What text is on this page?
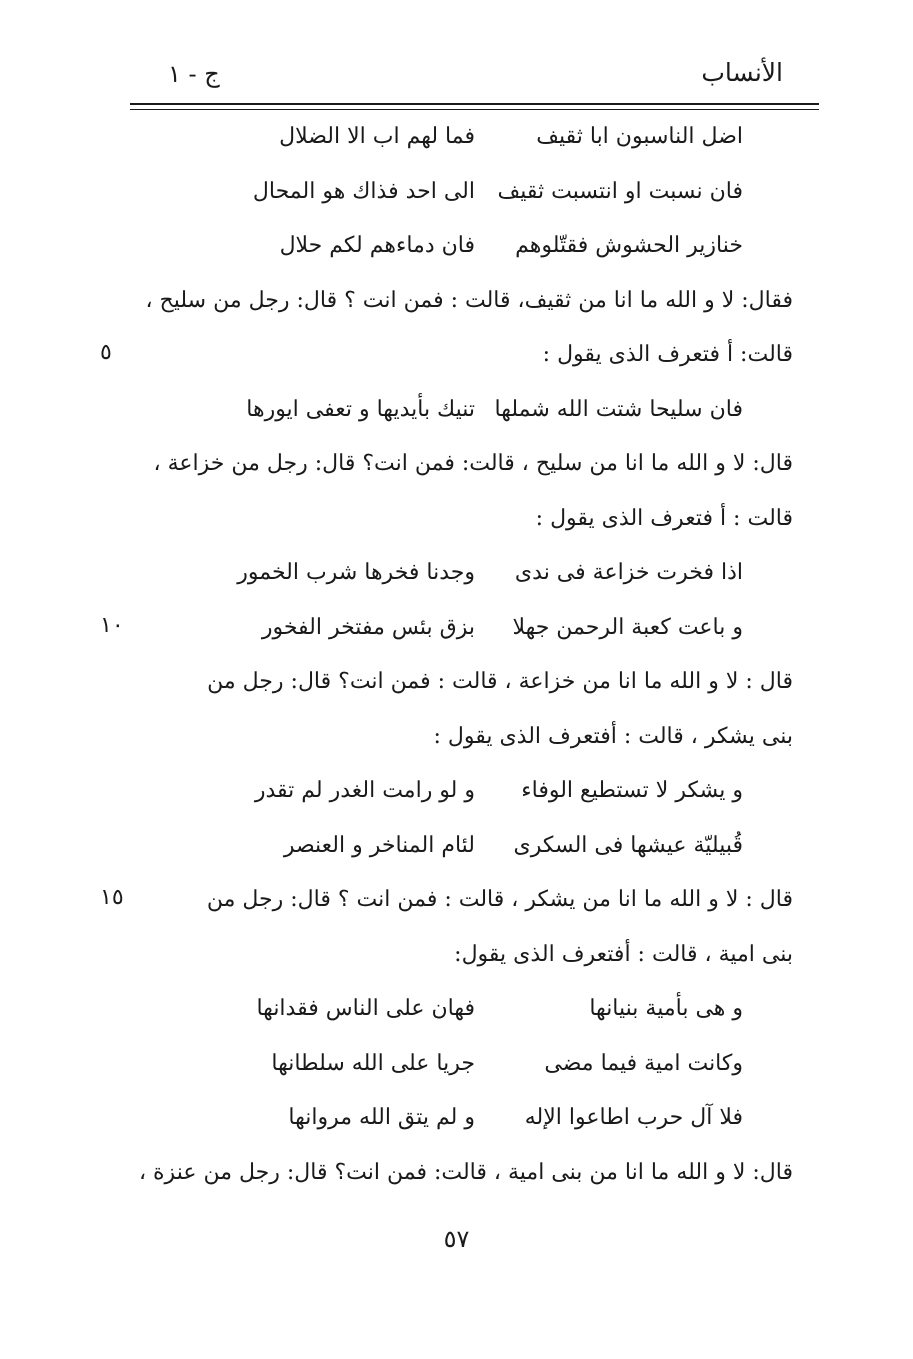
الأنساب
ج - ١
اضل الناسبون ابا ثقيف
فما لهم اب الا الضلال
فان نسبت او انتسبت ثقيف
الى احد فذاك هو المحال
خنازير الحشوش فقتّلوهم
فان دماءهم لكم حلال
فقال: لا و الله ما انا من ثقيف، قالت : فمن انت ؟ قال: رجل من سليح ،
قالت: أ فتعرف الذى يقول :
فان سليحا شتت الله شملها
تنيك بأيديها و تعفى ايورها
قال: لا و الله ما انا من سليح ، قالت: فمن انت؟ قال: رجل من خزاعة ،
قالت : أ فتعرف الذى يقول :
اذا فخرت خزاعة فى ندى
وجدنا فخرها شرب الخمور
و باعت كعبة الرحمن جهلا
بزق بئس مفتخر الفخور
قال : لا و الله ما انا من خزاعة ، قالت : فمن انت؟ قال: رجل من
بنى يشكر ، قالت : أفتعرف الذى يقول :
و يشكر لا تستطيع الوفاء
و لو رامت الغدر لم تقدر
قُبيليّة عيشها فى السكرى
لئام المناخر و العنصر
قال : لا و الله ما انا من يشكر ، قالت : فمن انت ؟ قال: رجل من
بنى امية ، قالت : أفتعرف الذى يقول:
و هى بأمية بنيانها
فهان على الناس فقدانها
وكانت امية فيما مضى
جريا على الله سلطانها
فلا آل حرب اطاعوا الإله
و لم يتق الله مروانها
قال: لا و الله ما انا من بنى امية ، قالت: فمن انت؟ قال: رجل من عنزة ،
٥
١٠
١٥
٥٧
